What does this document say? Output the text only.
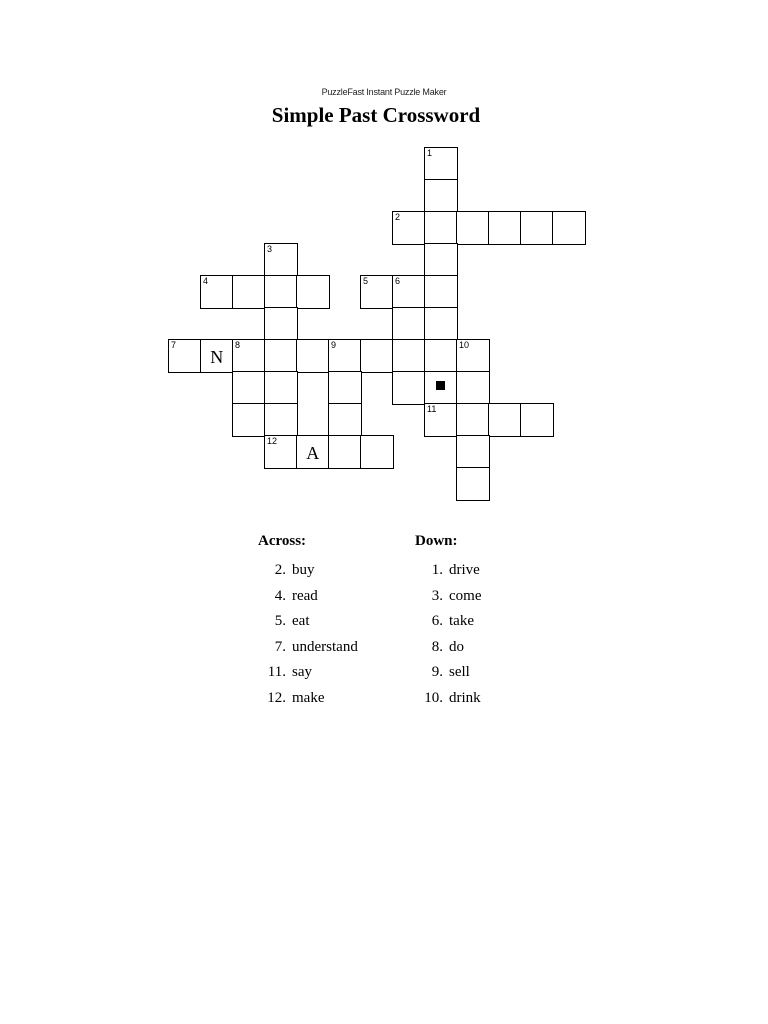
PuzzleFast Instant Puzzle Maker
Simple Past Crossword
1
2
3
4	5	6
7
N
8	9	10
11
12
A
Across:
2. buy
4. read
5. eat
7. understand
11. say
12. make
Down:
1. drive
3. come
6. take
8. do
9. sell
10. drink
